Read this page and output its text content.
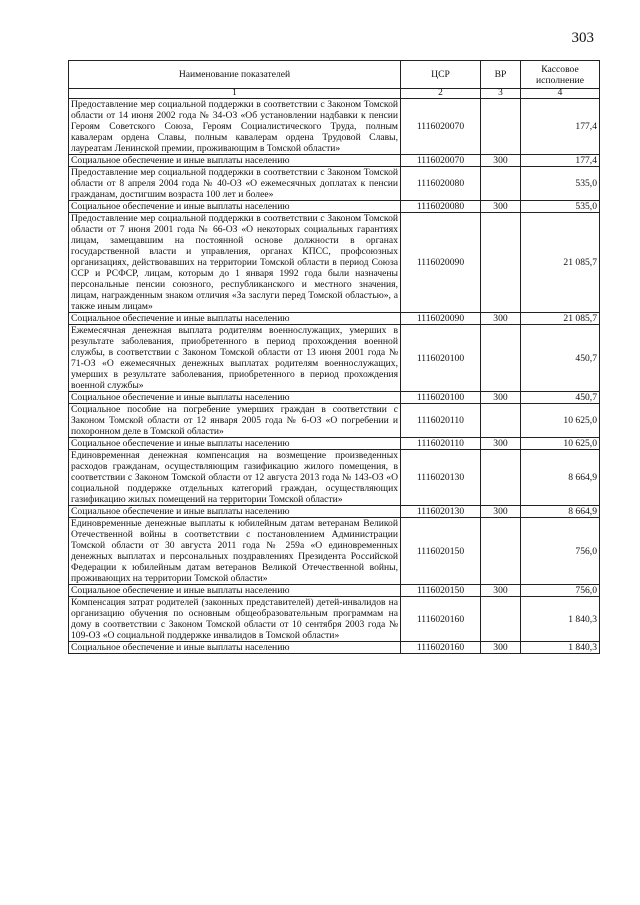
303
Наименование показателей	ЦСР	ВР	Кассовое исполнение
1	2	3	4
Предоставление мер социальной поддержки в соответствии с Законом Томской области от 14 июня 2002 года № 34-ОЗ «Об установлении надбавки к пенсии Героям Советского Союза, Героям Социалистического Труда, полным кавалерам ордена Славы, полным кавалерам ордена Трудовой Славы, лауреатам Ленинской премии, проживающим в Томской области»	1116020070		177,4
Социальное обеспечение и иные выплаты населению	1116020070	300	177,4
Предоставление мер социальной поддержки в соответствии с Законом Томской области от 8 апреля 2004 года № 40-ОЗ «О ежемесячных доплатах к пенсии гражданам, достигшим возраста 100 лет и более»	1116020080		535,0
Социальное обеспечение и иные выплаты населению	1116020080	300	535,0
Предоставление мер социальной поддержки в соответствии с Законом Томской области от 7 июня 2001 года № 66-ОЗ «О некоторых социальных гарантиях лицам, замещавшим на постоянной основе должности в органах государственной власти и управления, органах КПСС, профсоюзных организациях, действовавших на территории Томской области в период Союза ССР и РСФСР, лицам, которым до 1 января 1992 года были назначены персональные пенсии союзного, республиканского и местного значения, лицам, награжденным знаком отличия «За заслуги перед Томской областью», а также иным лицам»	1116020090		21 085,7
Социальное обеспечение и иные выплаты населению	1116020090	300	21 085,7
Ежемесячная денежная выплата родителям военнослужащих, умерших в результате заболевания, приобретенного в период прохождения военной службы, в соответствии с Законом Томской области от 13 июня 2001 года № 71-ОЗ «О ежемесячных денежных выплатах родителям военнослужащих, умерших в результате заболевания, приобретенного в период прохождения военной службы»	1116020100		450,7
Социальное обеспечение и иные выплаты населению	1116020100	300	450,7
Социальное пособие на погребение умерших граждан в соответствии с Законом Томской области от 12 января 2005 года № 6-ОЗ «О погребении и похоронном деле в Томской области»	1116020110		10 625,0
Социальное обеспечение и иные выплаты населению	1116020110	300	10 625,0
Единовременная денежная компенсация на возмещение произведенных расходов гражданам, осуществляющим газификацию жилого помещения, в соответствии с Законом Томской области от 12 августа 2013 года № 143-ОЗ «О социальной поддержке отдельных категорий граждан, осуществляющих газификацию жилых помещений на территории Томской области»	1116020130		8 664,9
Социальное обеспечение и иные выплаты населению	1116020130	300	8 664,9
Единовременные денежные выплаты к юбилейным датам ветеранам Великой Отечественной войны в соответствии с постановлением Администрации Томской области от 30 августа 2011 года № 259а «О единовременных денежных выплатах и персональных поздравлениях Президента Российской Федерации к юбилейным датам ветеранов Великой Отечественной войны, проживающих на территории Томской области»	1116020150		756,0
Социальное обеспечение и иные выплаты населению	1116020150	300	756,0
Компенсация затрат родителей (законных представителей) детей-инвалидов на организацию обучения по основным общеобразовательным программам на дому в соответствии с Законом Томской области от 10 сентября 2003 года № 109-ОЗ «О социальной поддержке инвалидов в Томской области»	1116020160		1 840,3
Социальное обеспечение и иные выплаты населению	1116020160	300	1 840,3
